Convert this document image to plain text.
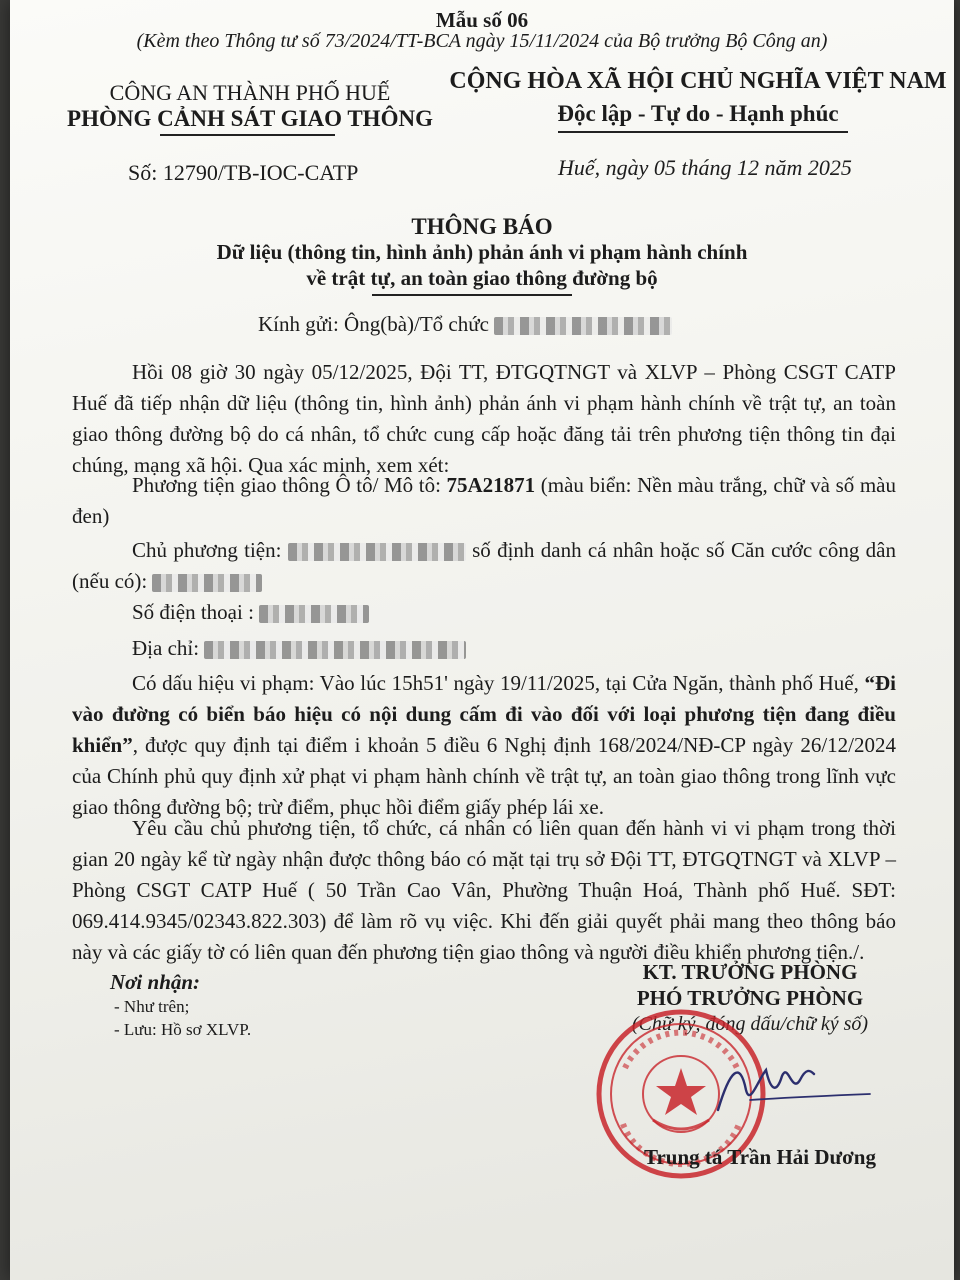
Mẫu số 06
(Kèm theo Thông tư số 73/2024/TT-BCA ngày 15/11/2024 của Bộ trưởng Bộ Công an)
CÔNG AN THÀNH PHỐ HUẾ
PHÒNG CẢNH SÁT GIAO THÔNG
CỘNG HÒA XÃ HỘI CHỦ NGHĨA VIỆT NAM
Độc lập - Tự do - Hạnh phúc
Số: 12790/TB-IOC-CATP	Huế, ngày 05 tháng 12 năm 2025
THÔNG BÁO
Dữ liệu (thông tin, hình ảnh) phản ánh vi phạm hành chính
về trật tự, an toàn giao thông đường bộ
Kính gửi: Ông(bà)/Tổ chức
Hồi 08 giờ 30 ngày 05/12/2025, Đội TT, ĐTGQTNGT và XLVP – Phòng CSGT CATP Huế đã tiếp nhận dữ liệu (thông tin, hình ảnh) phản ánh vi phạm hành chính về trật tự, an toàn giao thông đường bộ do cá nhân, tổ chức cung cấp hoặc đăng tải trên phương tiện thông tin đại chúng, mạng xã hội. Qua xác minh, xem xét:
Phương tiện giao thông Ô tô/ Mô tô: 75A21871 (màu biển: Nền màu trắng, chữ và số màu đen)
Chủ phương tiện:	số định danh cá nhân hoặc số Căn cước công dân (nếu có):
Số điện thoại :
Địa chỉ:
Có dấu hiệu vi phạm: Vào lúc 15h51' ngày 19/11/2025, tại Cửa Ngăn, thành phố Huế, “Đi vào đường có biển báo hiệu có nội dung cấm đi vào đối với loại phương tiện đang điều khiển”, được quy định tại điểm i khoản 5 điều 6 Nghị định 168/2024/NĐ-CP ngày 26/12/2024 của Chính phủ quy định xử phạt vi phạm hành chính về trật tự, an toàn giao thông trong lĩnh vực giao thông đường bộ; trừ điểm, phục hồi điểm giấy phép lái xe.
Yêu cầu chủ phương tiện, tổ chức, cá nhân có liên quan đến hành vi vi phạm trong thời gian 20 ngày kể từ ngày nhận được thông báo có mặt tại trụ sở Đội TT, ĐTGQTNGT và XLVP – Phòng CSGT CATP Huế ( 50 Trần Cao Vân, Phường Thuận Hoá, Thành phố Huế. SĐT: 069.414.9345/02343.822.303) để làm rõ vụ việc. Khi đến giải quyết phải mang theo thông báo này và các giấy tờ có liên quan đến phương tiện giao thông và người điều khiển phương tiện./.
Nơi nhận:
- Như trên;
- Lưu: Hồ sơ XLVP.
KT. TRƯỞNG PHÒNG
PHÓ TRƯỞNG PHÒNG
(Chữ ký, đóng dấu/chữ ký số)
Trung tá Trần Hải Dương
